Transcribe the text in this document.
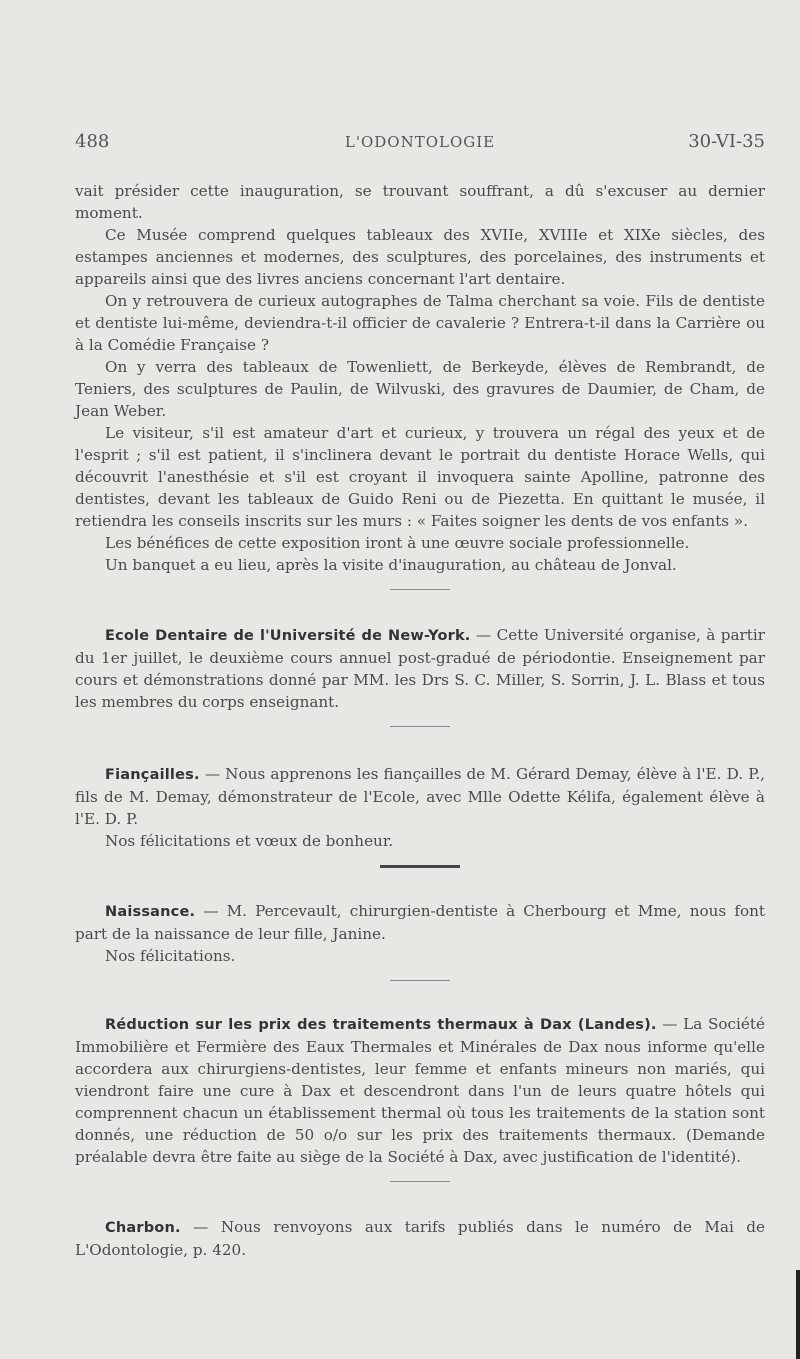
488	L'ODONTOLOGIE	30-VI-35

vait présider cette inauguration, se trouvant souffrant, a dû s'excuser au dernier moment.

Ce Musée comprend quelques tableaux des XVIIe, XVIIIe et XIXe siècles, des estampes anciennes et modernes, des sculptures, des porcelaines, des instruments et appareils ainsi que des livres anciens concernant l'art dentaire.

On y retrouvera de curieux autographes de Talma cherchant sa voie. Fils de dentiste et dentiste lui-même, deviendra-t-il officier de cavalerie ? Entrera-t-il dans la Carrière ou à la Comédie Française ?

On y verra des tableaux de Towenliett, de Berkeyde, élèves de Rembrandt, de Teniers, des sculptures de Paulin, de Wilvuski, des gravures de Daumier, de Cham, de Jean Weber.

Le visiteur, s'il est amateur d'art et curieux, y trouvera un régal des yeux et de l'esprit ; s'il est patient, il s'inclinera devant le portrait du dentiste Horace Wells, qui découvrit l'anesthésie et s'il est croyant il invoquera sainte Apolline, patronne des dentistes, devant les tableaux de Guido Reni ou de Piezetta. En quittant le musée, il retiendra les conseils inscrits sur les murs : « Faites soigner les dents de vos enfants ».

Les bénéfices de cette exposition iront à une œuvre sociale professionnelle.

Un banquet a eu lieu, après la visite d'inauguration, au château de Jonval.

Ecole Dentaire de l'Université de New-York. — Cette Université organise, à partir du 1er juillet, le deuxième cours annuel post-gradué de périodontie. Enseignement par cours et démonstrations donné par MM. les Drs S. C. Miller, S. Sorrin, J. L. Blass et tous les membres du corps enseignant.

Fiançailles. — Nous apprenons les fiançailles de M. Gérard Demay, élève à l'E. D. P., fils de M. Demay, démonstrateur de l'Ecole, avec Mlle Odette Kélifa, également élève à l'E. D. P.

Nos félicitations et vœux de bonheur.

Naissance. — M. Percevault, chirurgien-dentiste à Cherbourg et Mme, nous font part de la naissance de leur fille, Janine.

Nos félicitations.

Réduction sur les prix des traitements thermaux à Dax (Landes). — La Société Immobilière et Fermière des Eaux Thermales et Minérales de Dax nous informe qu'elle accordera aux chirurgiens-dentistes, leur femme et enfants mineurs non mariés, qui viendront faire une cure à Dax et descendront dans l'un de leurs quatre hôtels qui comprennent chacun un établissement thermal où tous les traitements de la station sont donnés, une réduction de 50 o/o sur les prix des traitements thermaux. (Demande préalable devra être faite au siège de la Société à Dax, avec justification de l'identité).

Charbon. — Nous renvoyons aux tarifs publiés dans le numéro de Mai de L'Odontologie, p. 420.
